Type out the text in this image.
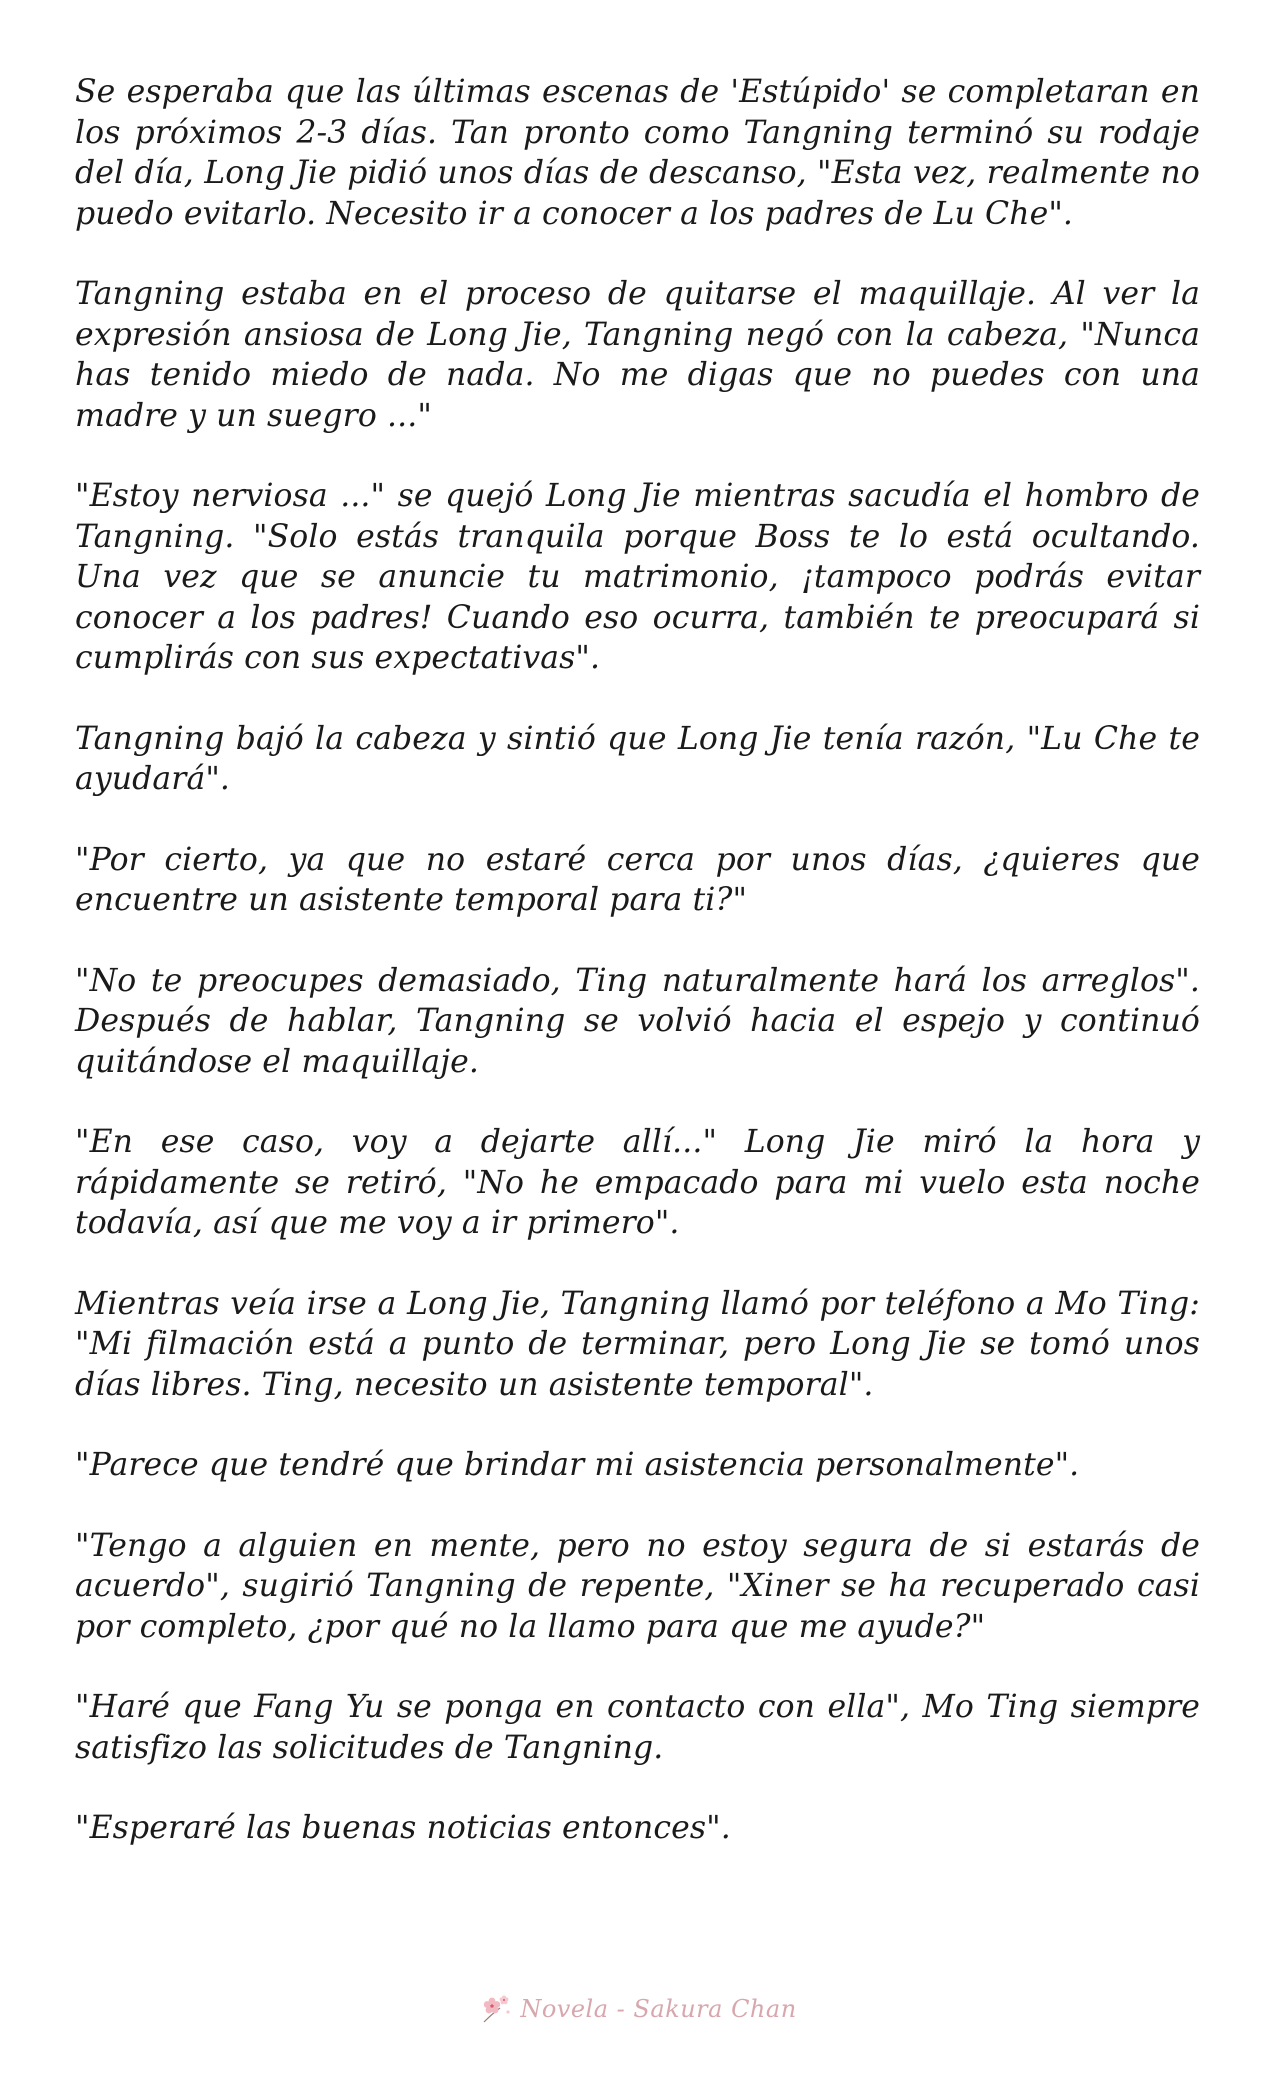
Se esperaba que las últimas escenas de 'Estúpido' se completaran en los próximos 2-3 días. Tan pronto como Tangning terminó su rodaje del día, Long Jie pidió unos días de descanso, "Esta vez, realmente no puedo evitarlo. Necesito ir a conocer a los padres de Lu Che".

Tangning estaba en el proceso de quitarse el maquillaje. Al ver la expresión ansiosa de Long Jie, Tangning negó con la cabeza, "Nunca has tenido miedo de nada. No me digas que no puedes con una madre y un suegro ..."

"Estoy nerviosa ..." se quejó Long Jie mientras sacudía el hombro de Tangning. "Solo estás tranquila porque Boss te lo está ocultando. Una vez que se anuncie tu matrimonio, ¡tampoco podrás evitar conocer a los padres! Cuando eso ocurra, también te preocupará si cumplirás con sus expectativas".

Tangning bajó la cabeza y sintió que Long Jie tenía razón, "Lu Che te ayudará".

"Por cierto, ya que no estaré cerca por unos días, ¿quieres que encuentre un asistente temporal para ti?"

"No te preocupes demasiado, Ting naturalmente hará los arreglos". Después de hablar, Tangning se volvió hacia el espejo y continuó quitándose el maquillaje.

"En ese caso, voy a dejarte allí..." Long Jie miró la hora y rápidamente se retiró, "No he empacado para mi vuelo esta noche todavía, así que me voy a ir primero".

Mientras veía irse a Long Jie, Tangning llamó por teléfono a Mo Ting: "Mi filmación está a punto de terminar, pero Long Jie se tomó unos días libres. Ting, necesito un asistente temporal".

"Parece que tendré que brindar mi asistencia personalmente".

"Tengo a alguien en mente, pero no estoy segura de si estarás de acuerdo", sugirió Tangning de repente, "Xiner se ha recuperado casi por completo, ¿por qué no la llamo para que me ayude?"

"Haré que Fang Yu se ponga en contacto con ella", Mo Ting siempre satisfizo las solicitudes de Tangning.

"Esperaré las buenas noticias entonces".

Novela - Sakura Chan
